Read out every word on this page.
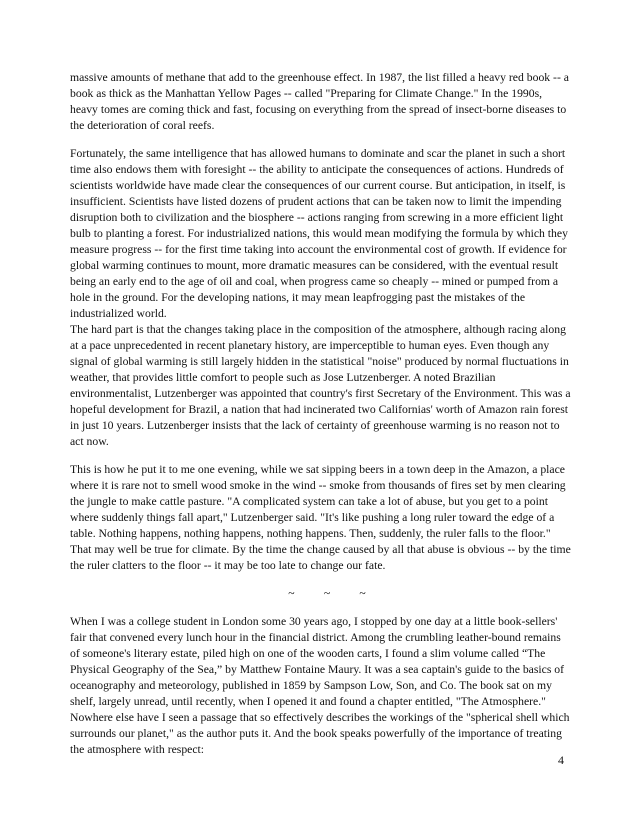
massive amounts of methane that add to the greenhouse effect. In 1987, the list filled a heavy red book -- a book as thick as the Manhattan Yellow Pages -- called "Preparing for Climate Change." In the 1990s, heavy tomes are coming thick and fast, focusing on everything from the spread of insect-borne diseases to the deterioration of coral reefs.

Fortunately, the same intelligence that has allowed humans to dominate and scar the planet in such a short time also endows them with foresight -- the ability to anticipate the consequences of actions. Hundreds of scientists worldwide have made clear the consequences of our current course. But anticipation, in itself, is insufficient. Scientists have listed dozens of prudent actions that can be taken now to limit the impending disruption both to civilization and the biosphere -- actions ranging from screwing in a more efficient light bulb to planting a forest. For industrialized nations, this would mean modifying the formula by which they measure progress -- for the first time taking into account the environmental cost of growth. If evidence for global warming continues to mount, more dramatic measures can be considered, with the eventual result being an early end to the age of oil and coal, when progress came so cheaply -- mined or pumped from a hole in the ground. For the developing nations, it may mean leapfrogging past the mistakes of the industrialized world.

The hard part is that the changes taking place in the composition of the atmosphere, although racing along at a pace unprecedented in recent planetary history, are imperceptible to human eyes. Even though any signal of global warming is still largely hidden in the statistical "noise" produced by normal fluctuations in weather, that provides little comfort to people such as Jose Lutzenberger. A noted Brazilian environmentalist, Lutzenberger was appointed that country's first Secretary of the Environment. This was a hopeful development for Brazil, a nation that had incinerated two Californias' worth of Amazon rain forest in just 10 years. Lutzenberger insists that the lack of certainty of greenhouse warming is no reason not to act now.

This is how he put it to me one evening, while we sat sipping beers in a town deep in the Amazon, a place where it is rare not to smell wood smoke in the wind -- smoke from thousands of fires set by men clearing the jungle to make cattle pasture. "A complicated system can take a lot of abuse, but you get to a point where suddenly things fall apart," Lutzenberger said. "It's like pushing a long ruler toward the edge of a table. Nothing happens, nothing happens, nothing happens. Then, suddenly, the ruler falls to the floor." That may well be true for climate. By the time the change caused by all that abuse is obvious -- by the time the ruler clatters to the floor -- it may be too late to change our fate.

~          ~          ~

When I was a college student in London some 30 years ago, I stopped by one day at a little book-sellers' fair that convened every lunch hour in the financial district. Among the crumbling leather-bound remains of someone's literary estate, piled high on one of the wooden carts, I found a slim volume called “The Physical Geography of the Sea,” by Matthew Fontaine Maury. It was a sea captain's guide to the basics of oceanography and meteorology, published in 1859 by Sampson Low, Son, and Co. The book sat on my shelf, largely unread, until recently, when I opened it and found a chapter entitled, "The Atmosphere." Nowhere else have I seen a passage that so effectively describes the workings of the "spherical shell which surrounds our planet," as the author puts it. And the book speaks powerfully of the importance of treating the atmosphere with respect:

4
